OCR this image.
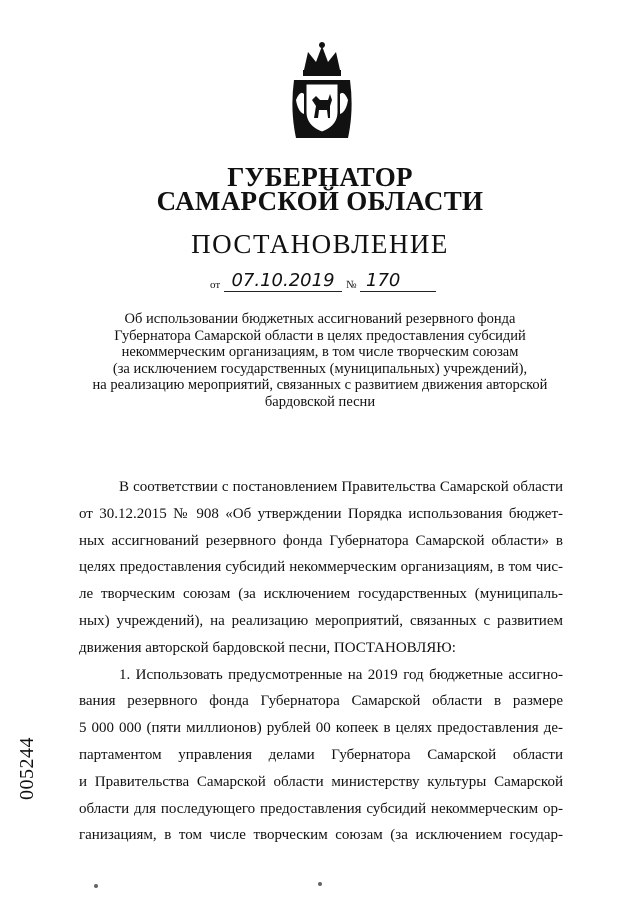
ГУБЕРНАТОР
САМАРСКОЙ ОБЛАСТИ
ПОСТАНОВЛЕНИЕ
от 07.10.2019	№ 170
Об использовании бюджетных ассигнований резервного фонда
Губернатора Самарской области в целях предоставления субсидий
некоммерческим организациям, в том числе творческим союзам
(за исключением государственных (муниципальных) учреждений),
на реализацию мероприятий, связанных с развитием движения авторской
бардовской песни
В соответствии с постановлением Правительства Самарской области
от 30.12.2015 № 908 «Об утверждении Порядка использования бюджет-
ных ассигнований резервного фонда Губернатора Самарской области» в
целях предоставления субсидий некоммерческим организациям, в том чис-
ле творческим союзам (за исключением государственных (муниципаль-
ных) учреждений), на реализацию мероприятий, связанных с развитием
движения авторской бардовской песни, ПОСТАНОВЛЯЮ:
1. Использовать предусмотренные на 2019 год бюджетные ассигно-
вания резервного фонда Губернатора Самарской области в размере
5 000 000 (пяти миллионов) рублей 00 копеек в целях предоставления де-
партаментом управления делами Губернатора Самарской области
и Правительства Самарской области министерству культуры Самарской
области для последующего предоставления субсидий некоммерческим ор-
ганизациям, в том числе творческим союзам (за исключением государ-
005244
